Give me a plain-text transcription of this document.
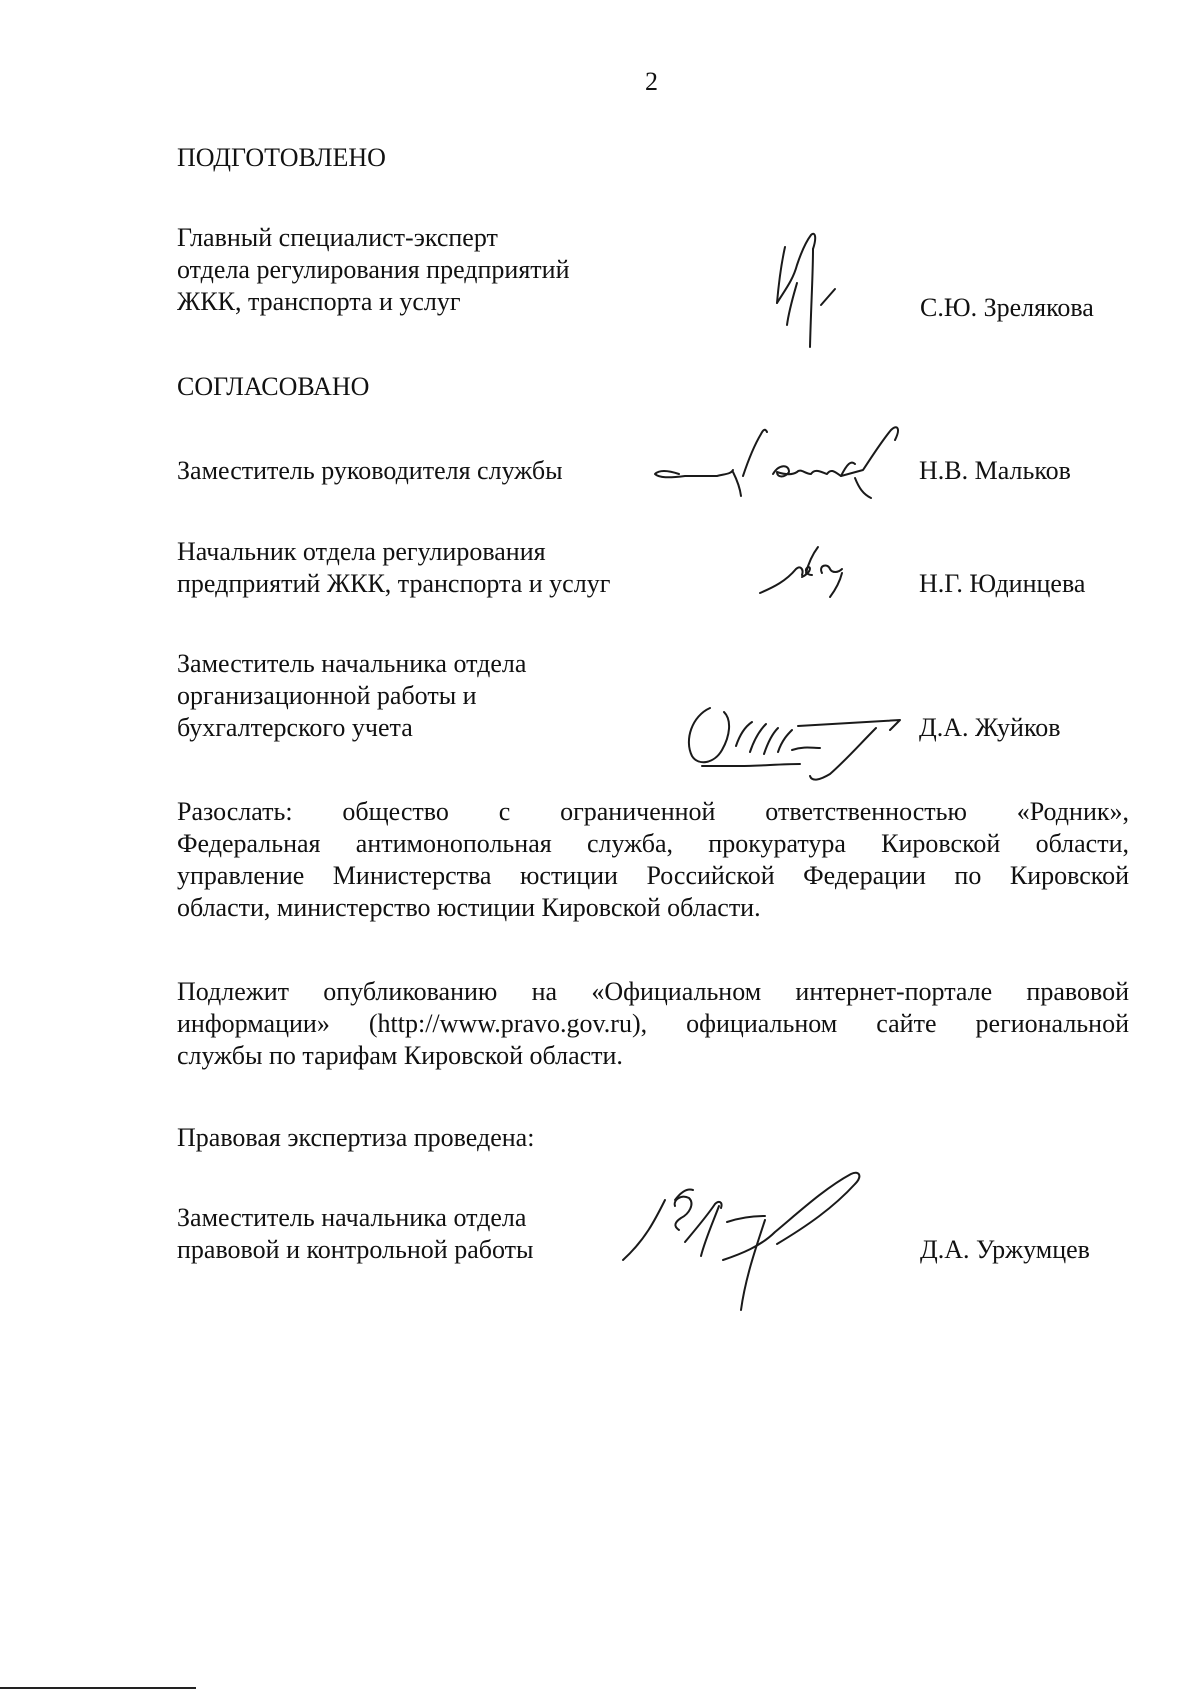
2
ПОДГОТОВЛЕНО
Главный специалист-эксперт
отдела регулирования предприятий
ЖКК, транспорта и услуг	С.Ю. Зрелякова
СОГЛАСОВАНО
Заместитель руководителя службы	Н.В. Мальков
Начальник отдела регулирования
предприятий ЖКК, транспорта и услуг	Н.Г. Юдинцева
Заместитель начальника отдела
организационной работы и
бухгалтерского учета	Д.А. Жуйков
Разослать: общество с ограниченной ответственностью «Родник»,
Федеральная антимонопольная служба, прокуратура Кировской области,
управление Министерства юстиции Российской Федерации по Кировской
области, министерство юстиции Кировской области.
Подлежит опубликованию на «Официальном интернет-портале правовой
информации» (http://www.pravo.gov.ru), официальном сайте региональной
службы по тарифам Кировской области.
Правовая экспертиза проведена:
Заместитель начальника отдела
правовой и контрольной работы	Д.А. Уржумцев
